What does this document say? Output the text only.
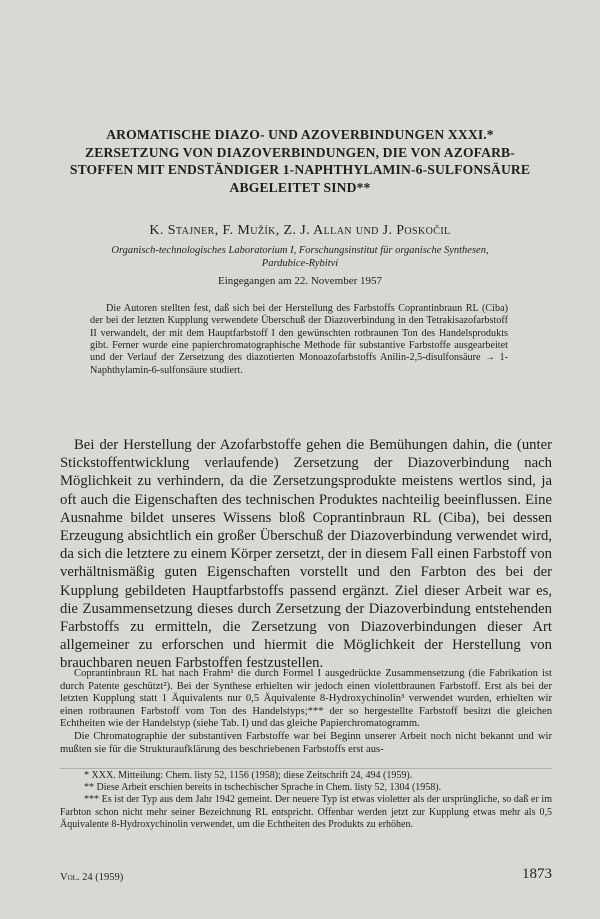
AROMATISCHE DIAZO- UND AZOVERBINDUNGEN XXXI.*
ZERSETZUNG VON DIAZOVERBINDUNGEN, DIE VON AZOFARB-
STOFFEN MIT ENDSTÄNDIGER 1-NAPHTHYLAMIN-6-SULFONSÄURE
ABGELEITET SIND**
K. Stajner, F. Mužík, Z. J. Allan und J. Poskočil
Organisch-technologisches Laboratorium I, Forschungsinstitut für organische Synthesen,
Pardubice-Rybitví
Eingegangen am 22. November 1957
Die Autoren stellten fest, daß sich bei der Herstellung des Farbstoffs Coprantinbraun RL (Ciba) der bei der letzten Kupplung verwendete Überschuß der Diazoverbindung in den Tetrakisazofarbstoff II verwandelt, der mit dem Hauptfarbstoff I den gewünschten rotbraunen Ton des Handelsprodukts gibt. Ferner wurde eine papierchromatographische Methode für substantive Farbstoffe ausgearbeitet und der Verlauf der Zersetzung des diazotierten Monoazofarbstoffs Anilin-2,5-disulfonsäure → 1-Naphthylamin-6-sulfonsäure studiert.
Bei der Herstellung der Azofarbstoffe gehen die Bemühungen dahin, die (unter Stickstoffentwicklung verlaufende) Zersetzung der Diazoverbindung nach Möglichkeit zu verhindern, da die Zersetzungsprodukte meistens wertlos sind, ja oft auch die Eigenschaften des technischen Produktes nachteilig beeinflussen. Eine Ausnahme bildet unseres Wissens bloß Coprantinbraun RL (Ciba), bei dessen Erzeugung absichtlich ein großer Überschuß der Diazoverbindung verwendet wird, da sich die letztere zu einem Körper zersetzt, der in diesem Fall einen Farbstoff von verhältnismäßig guten Eigenschaften vorstellt und den Farbton des bei der Kupplung gebildeten Hauptfarbstoffs passend ergänzt. Ziel dieser Arbeit war es, die Zusammensetzung dieses durch Zersetzung der Diazoverbindung entstehenden Farbstoffs zu ermitteln, die Zersetzung von Diazoverbindungen dieser Art allgemeiner zu erforschen und hiermit die Möglichkeit der Herstellung von brauchbaren neuen Farbstoffen festzustellen.

Coprantinbraun RL hat nach Frahm¹ die durch Formel I ausgedrückte Zusammensetzung (die Fabrikation ist durch Patente geschützt²). Bei der Synthese erhielten wir jedoch einen violettbraunen Farbstoff. Erst als bei der letzten Kupplung statt 1 Äquivalents nur 0,5 Äquivalente 8-Hydroxychinolin³ verwendet wurden, erhielten wir einen rotbraunen Farbstoff vom Ton des Handelstyps;*** der so hergestellte Farbstoff besitzt die gleichen Echtheiten wie der Handelstyp (siehe Tab. I) und das gleiche Papierchromatogramm.

Die Chromatographie der substantiven Farbstoffe war bei Beginn unserer Arbeit noch nicht bekannt und wir mußten sie für die Strukturaufklärung des beschriebenen Farbstoffs erst aus-

* XXX. Mitteilung: Chem. listy 52, 1156 (1958); diese Zeitschrift 24, 494 (1959).

** Diese Arbeit erschien bereits in tschechischer Sprache in Chem. listy 52, 1304 (1958).

*** Es ist der Typ aus dem Jahr 1942 gemeint. Der neuere Typ ist etwas violetter als der ursprüngliche, so daß er im Farbton schon nicht mehr seiner Bezeichnung RL entspricht. Offenbar werden jetzt zur Kupplung etwas mehr als 0,5 Äquivalente 8-Hydroxychinolin verwendet, um die Echtheiten des Produkts zu erhöhen.

Vol. 24 (1959)	1873
